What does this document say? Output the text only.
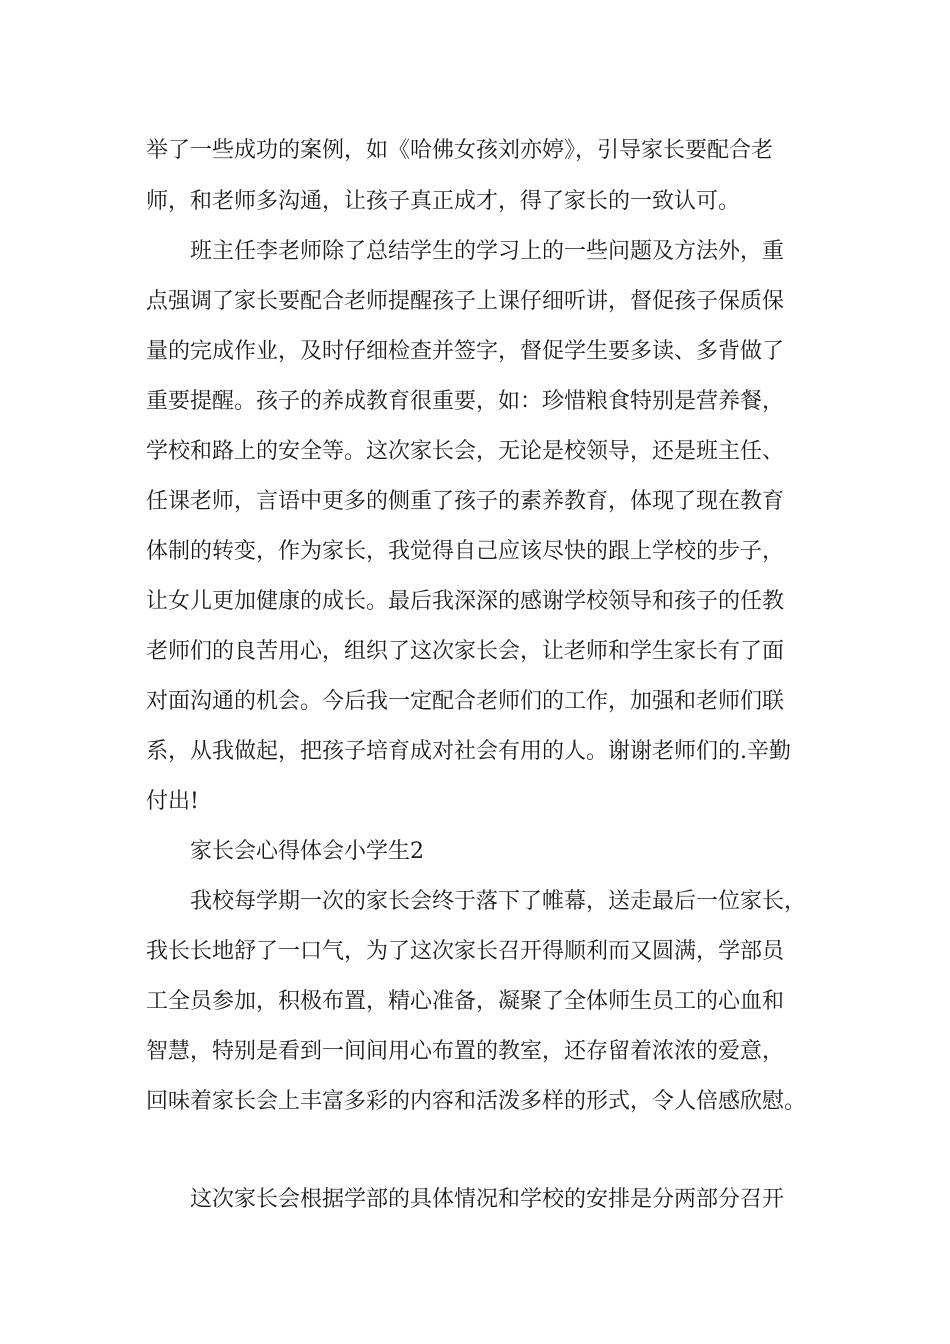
举了一些成功的案例，如《哈佛女孩刘亦婷》，引导家长要配合老
师，和老师多沟通，让孩子真正成才，得了家长的一致认可。
班主任李老师除了总结学生的学习上的一些问题及方法外，重
点强调了家长要配合老师提醒孩子上课仔细听讲，督促孩子保质保
量的完成作业，及时仔细检查并签字，督促学生要多读、多背做了
重要提醒。孩子的养成教育很重要，如：珍惜粮食特别是营养餐，
学校和路上的安全等。这次家长会，无论是校领导，还是班主任、
任课老师，言语中更多的侧重了孩子的素养教育，体现了现在教育
体制的转变，作为家长，我觉得自己应该尽快的跟上学校的步子，
让女儿更加健康的成长。最后我深深的感谢学校领导和孩子的任教
老师们的良苦用心，组织了这次家长会，让老师和学生家长有了面
对面沟通的机会。今后我一定配合老师们的工作，加强和老师们联
系，从我做起，把孩子培育成对社会有用的人。谢谢老师们的.辛勤
付出!
家长会心得体会小学生2
我校每学期一次的家长会终于落下了帷幕，送走最后一位家长，
我长长地舒了一口气，为了这次家长召开得顺利而又圆满，学部员
工全员参加，积极布置，精心准备，凝聚了全体师生员工的心血和
智慧，特别是看到一间间用心布置的教室，还存留着浓浓的爱意，
回味着家长会上丰富多彩的内容和活泼多样的形式，令人倍感欣慰。
这次家长会根据学部的具体情况和学校的安排是分两部分召开
